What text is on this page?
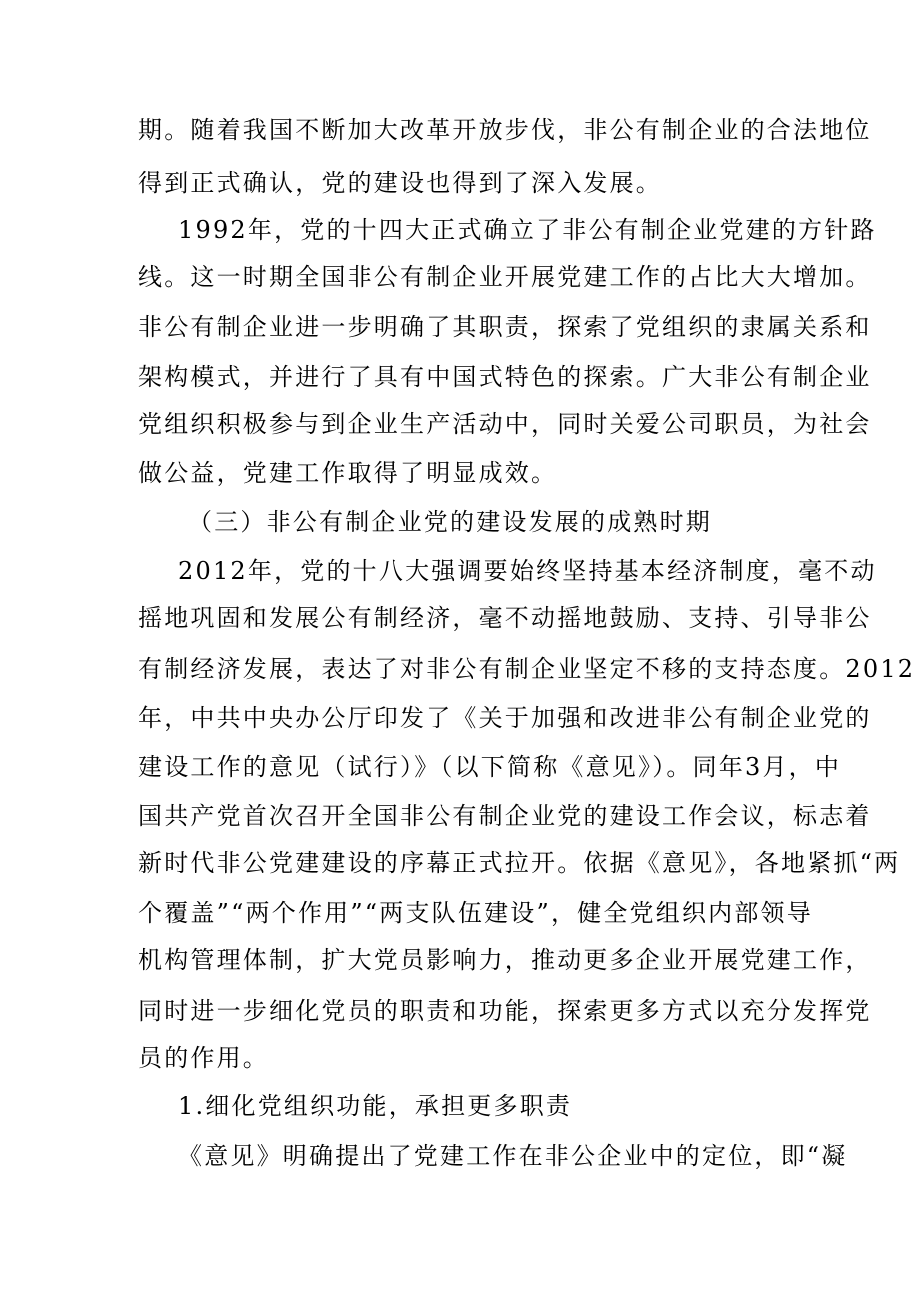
期。随着我国不断加大改革开放步伐，非公有制企业的合法地位
得到正式确认，党的建设也得到了深入发展。
1992年，党的十四大正式确立了非公有制企业党建的方针路
线。这一时期全国非公有制企业开展党建工作的占比大大增加。
非公有制企业进一步明确了其职责，探索了党组织的隶属关系和
架构模式，并进行了具有中国式特色的探索。广大非公有制企业
党组织积极参与到企业生产活动中，同时关爱公司职员，为社会
做公益，党建工作取得了明显成效。
（三）非公有制企业党的建设发展的成熟时期
2012年，党的十八大强调要始终坚持基本经济制度，毫不动
摇地巩固和发展公有制经济，毫不动摇地鼓励、支持、引导非公
有制经济发展，表达了对非公有制企业坚定不移的支持态度。2012
年，中共中央办公厅印发了《关于加强和改进非公有制企业党的
建设工作的意见（试行）》（以下简称《意见》）。同年3月，中
国共产党首次召开全国非公有制企业党的建设工作会议，标志着
新时代非公党建建设的序幕正式拉开。依据《意见》，各地紧抓“两
个覆盖”“两个作用”“两支队伍建设”，健全党组织内部领导
机构管理体制，扩大党员影响力，推动更多企业开展党建工作，
同时进一步细化党员的职责和功能，探索更多方式以充分发挥党
员的作用。
1.细化党组织功能，承担更多职责
《意见》明确提出了党建工作在非公企业中的定位，即“凝
